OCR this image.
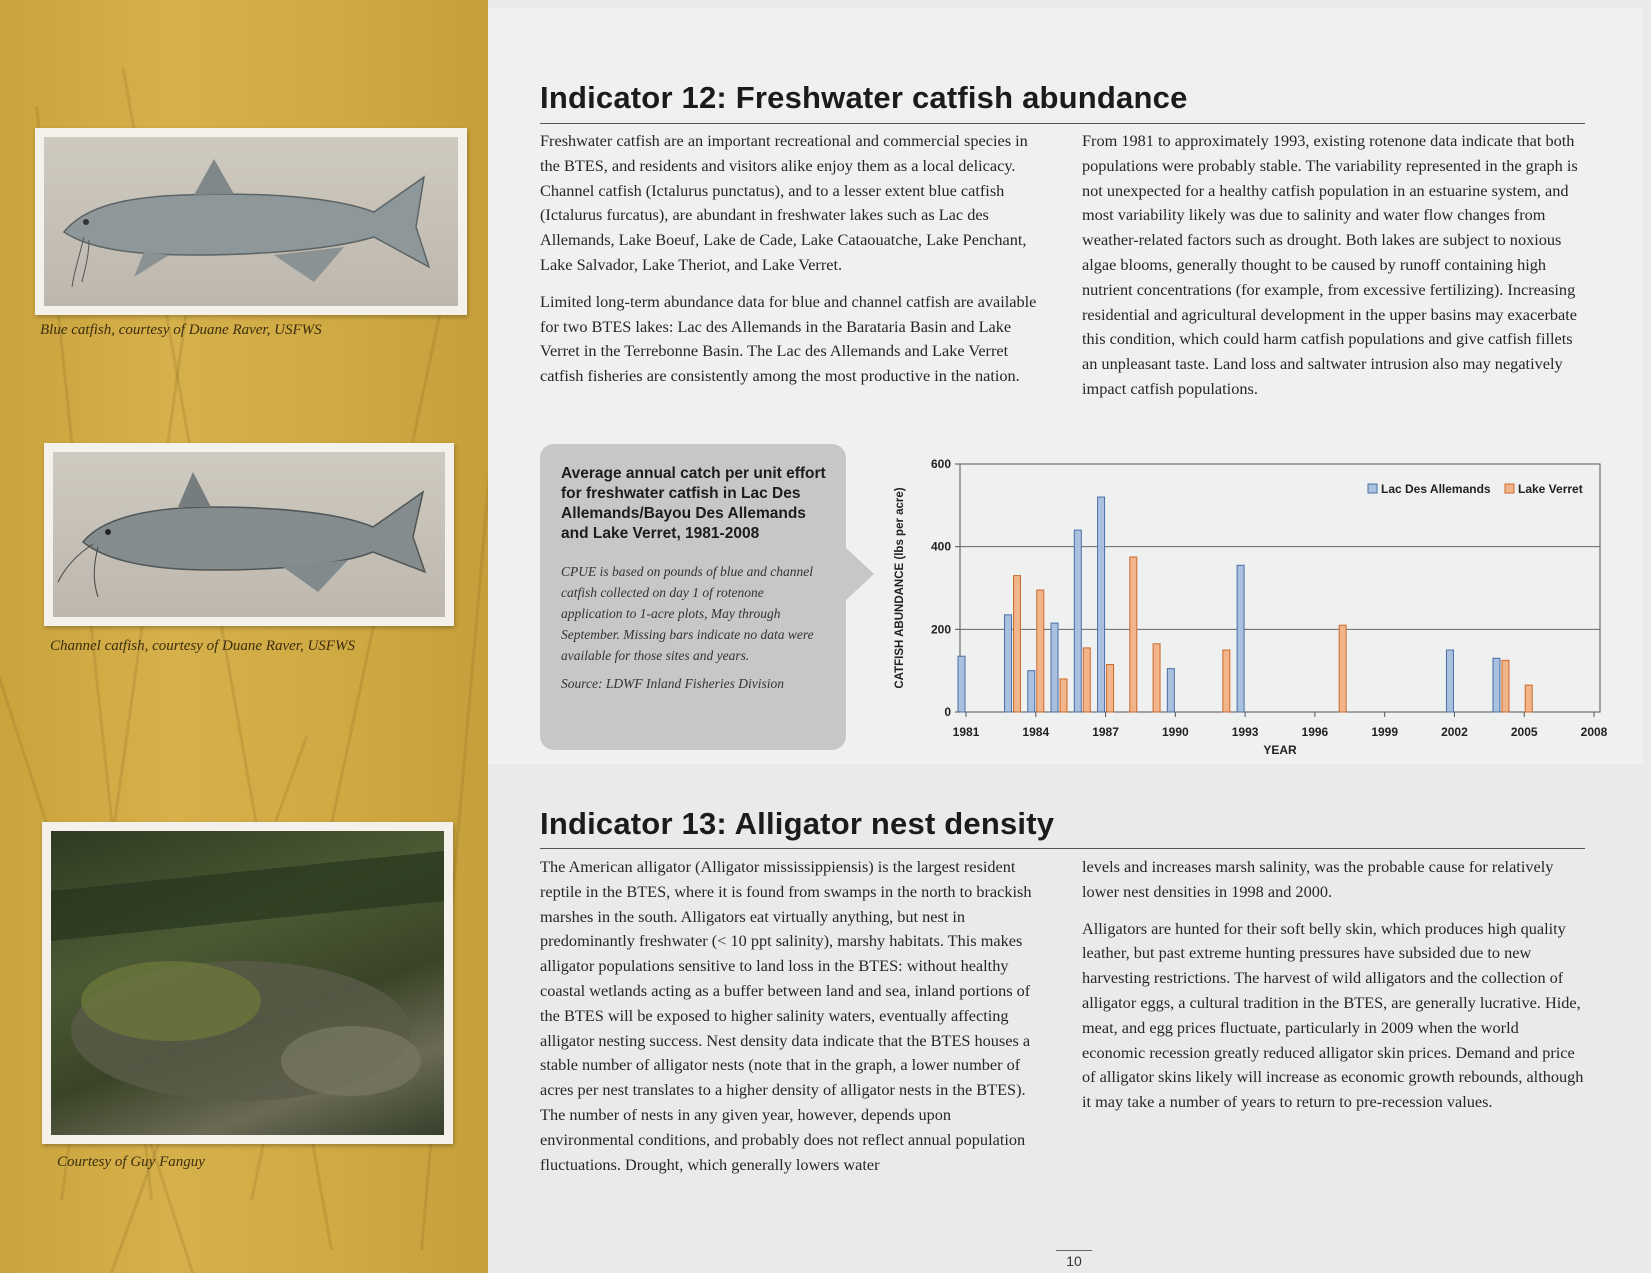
Blue catfish, courtesy of Duane Raver, USFWS
Channel catfish, courtesy of Duane Raver, USFWS
Courtesy of Guy Fanguy
Indicator 12: Freshwater catfish abundance

Freshwater catfish are an important recreational and commercial species in the BTES, and residents and visitors alike enjoy them as a local delicacy. Channel catfish (Ictalurus punctatus), and to a lesser extent blue catfish (Ictalurus furcatus), are abundant in freshwater lakes such as Lac des Allemands, Lake Boeuf, Lake de Cade, Lake Cataouatche, Lake Penchant, Lake Salvador, Lake Theriot, and Lake Verret.

Limited long-term abundance data for blue and channel catfish are available for two BTES lakes: Lac des Allemands in the Barataria Basin and Lake Verret in the Terrebonne Basin. The Lac des Allemands and Lake Verret catfish fisheries are consistently among the most productive in the nation.

From 1981 to approximately 1993, existing rotenone data indicate that both populations were probably stable. The variability represented in the graph is not unexpected for a healthy catfish population in an estuarine system, and most variability likely was due to salinity and water flow changes from weather-related factors such as drought. Both lakes are subject to noxious algae blooms, generally thought to be caused by runoff containing high nutrient concentrations (for example, from excessive fertilizing). Increasing residential and agricultural development in the upper basins may exacerbate this condition, which could harm catfish populations and give catfish fillets an unpleasant taste. Land loss and saltwater intrusion also may negatively impact catfish populations.

Average annual catch per unit effort for freshwater catfish in Lac Des Allemands/Bayou Des Allemands and Lake Verret, 1981-2008
CPUE is based on pounds of blue and channel catfish collected on day 1 of rotenone application to 1-acre plots, May through September. Missing bars indicate no data were available for those sites and years.
Source: LDWF Inland Fisheries Division
0
200
400
600
1981	1984	1987	1990	1993	1996	1999	2002	2005	2008
YEAR
CATFISH ABUNDANCE (lbs per acre)	Lac Des Allemands Lake Verret
Indicator 13: Alligator nest density

The American alligator (Alligator mississippiensis) is the largest resident reptile in the BTES, where it is found from swamps in the north to brackish marshes in the south. Alligators eat virtually anything, but nest in predominantly freshwater (< 10 ppt salinity), marshy habitats. This makes alligator populations sensitive to land loss in the BTES: without healthy coastal wetlands acting as a buffer between land and sea, inland portions of the BTES will be exposed to higher salinity waters, eventually affecting alligator nesting success. Nest density data indicate that the BTES houses a stable number of alligator nests (note that in the graph, a lower number of acres per nest translates to a higher density of alligator nests in the BTES). The number of nests in any given year, however, depends upon environmental conditions, and probably does not reflect annual population fluctuations. Drought, which generally lowers water

levels and increases marsh salinity, was the probable cause for relatively lower nest densities in 1998 and 2000.

Alligators are hunted for their soft belly skin, which produces high quality leather, but past extreme hunting pressures have subsided due to new harvesting restrictions. The harvest of wild alligators and the collection of alligator eggs, a cultural tradition in the BTES, are generally lucrative. Hide, meat, and egg prices fluctuate, particularly in 2009 when the world economic recession greatly reduced alligator skin prices. Demand and price of alligator skins likely will increase as economic growth rebounds, although it may take a number of years to return to pre-recession values.

10
